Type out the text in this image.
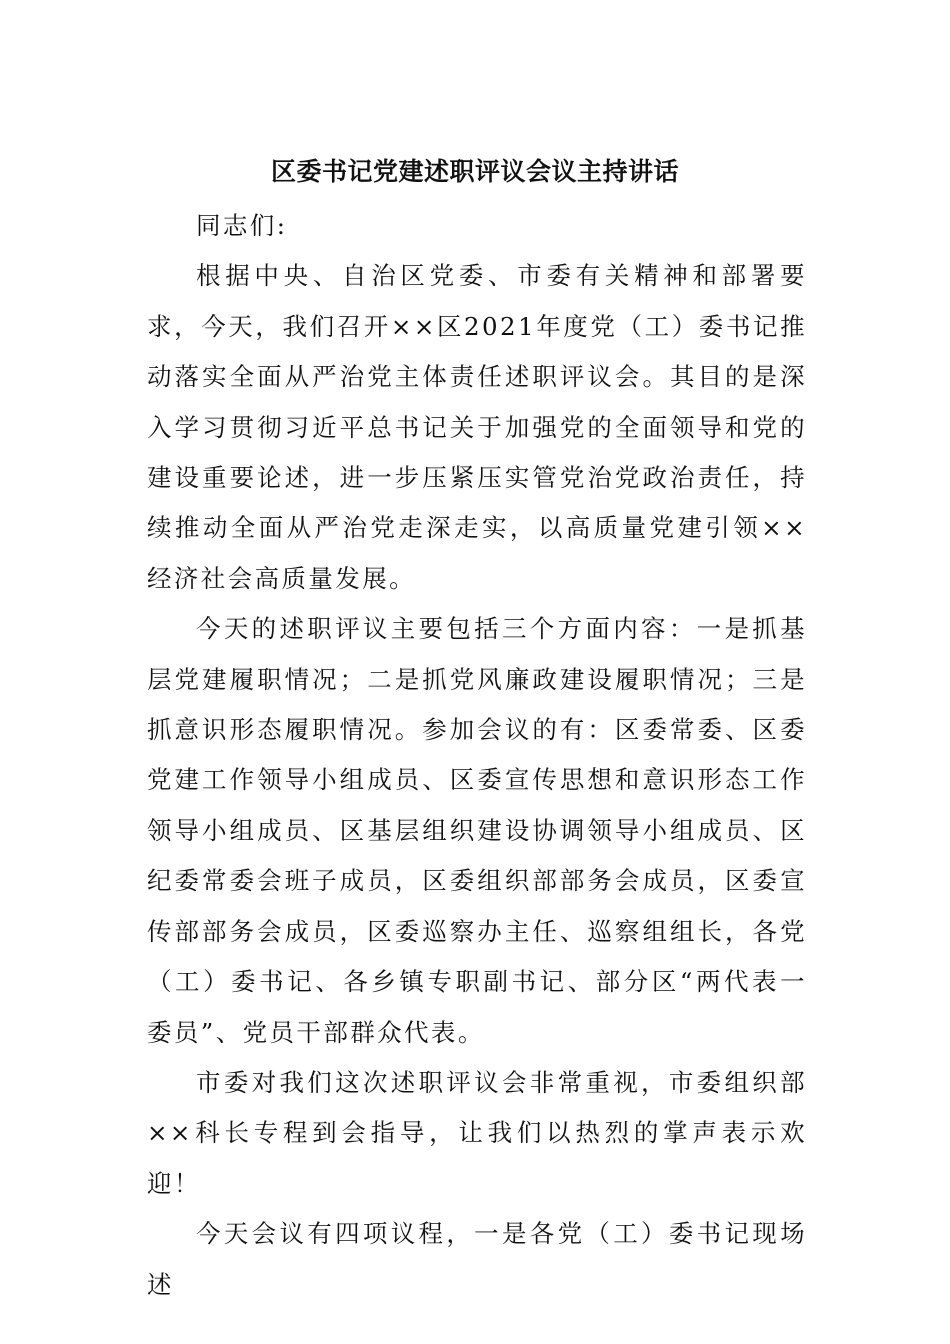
区委书记党建述职评议会议主持讲话

同志们:

根据中央、自治区党委、市委有关精神和部署要求，今天，我们召开××区2021年度党（工）委书记推动落实全面从严治党主体责任述职评议会。其目的是深入学习贯彻习近平总书记关于加强党的全面领导和党的建设重要论述，进一步压紧压实管党治党政治责任，持续推动全面从严治党走深走实，以高质量党建引领××经济社会高质量发展。

今天的述职评议主要包括三个方面内容：一是抓基层党建履职情况；二是抓党风廉政建设履职情况；三是抓意识形态履职情况。参加会议的有：区委常委、区委党建工作领导小组成员、区委宣传思想和意识形态工作领导小组成员、区基层组织建设协调领导小组成员、区纪委常委会班子成员，区委组织部部务会成员，区委宣传部部务会成员，区委巡察办主任、巡察组组长，各党（工）委书记、各乡镇专职副书记、部分区“两代表一委员”、党员干部群众代表。

市委对我们这次述职评议会非常重视，市委组织部××科长专程到会指导，让我们以热烈的掌声表示欢迎！

今天会议有四项议程，一是各党（工）委书记现场述
